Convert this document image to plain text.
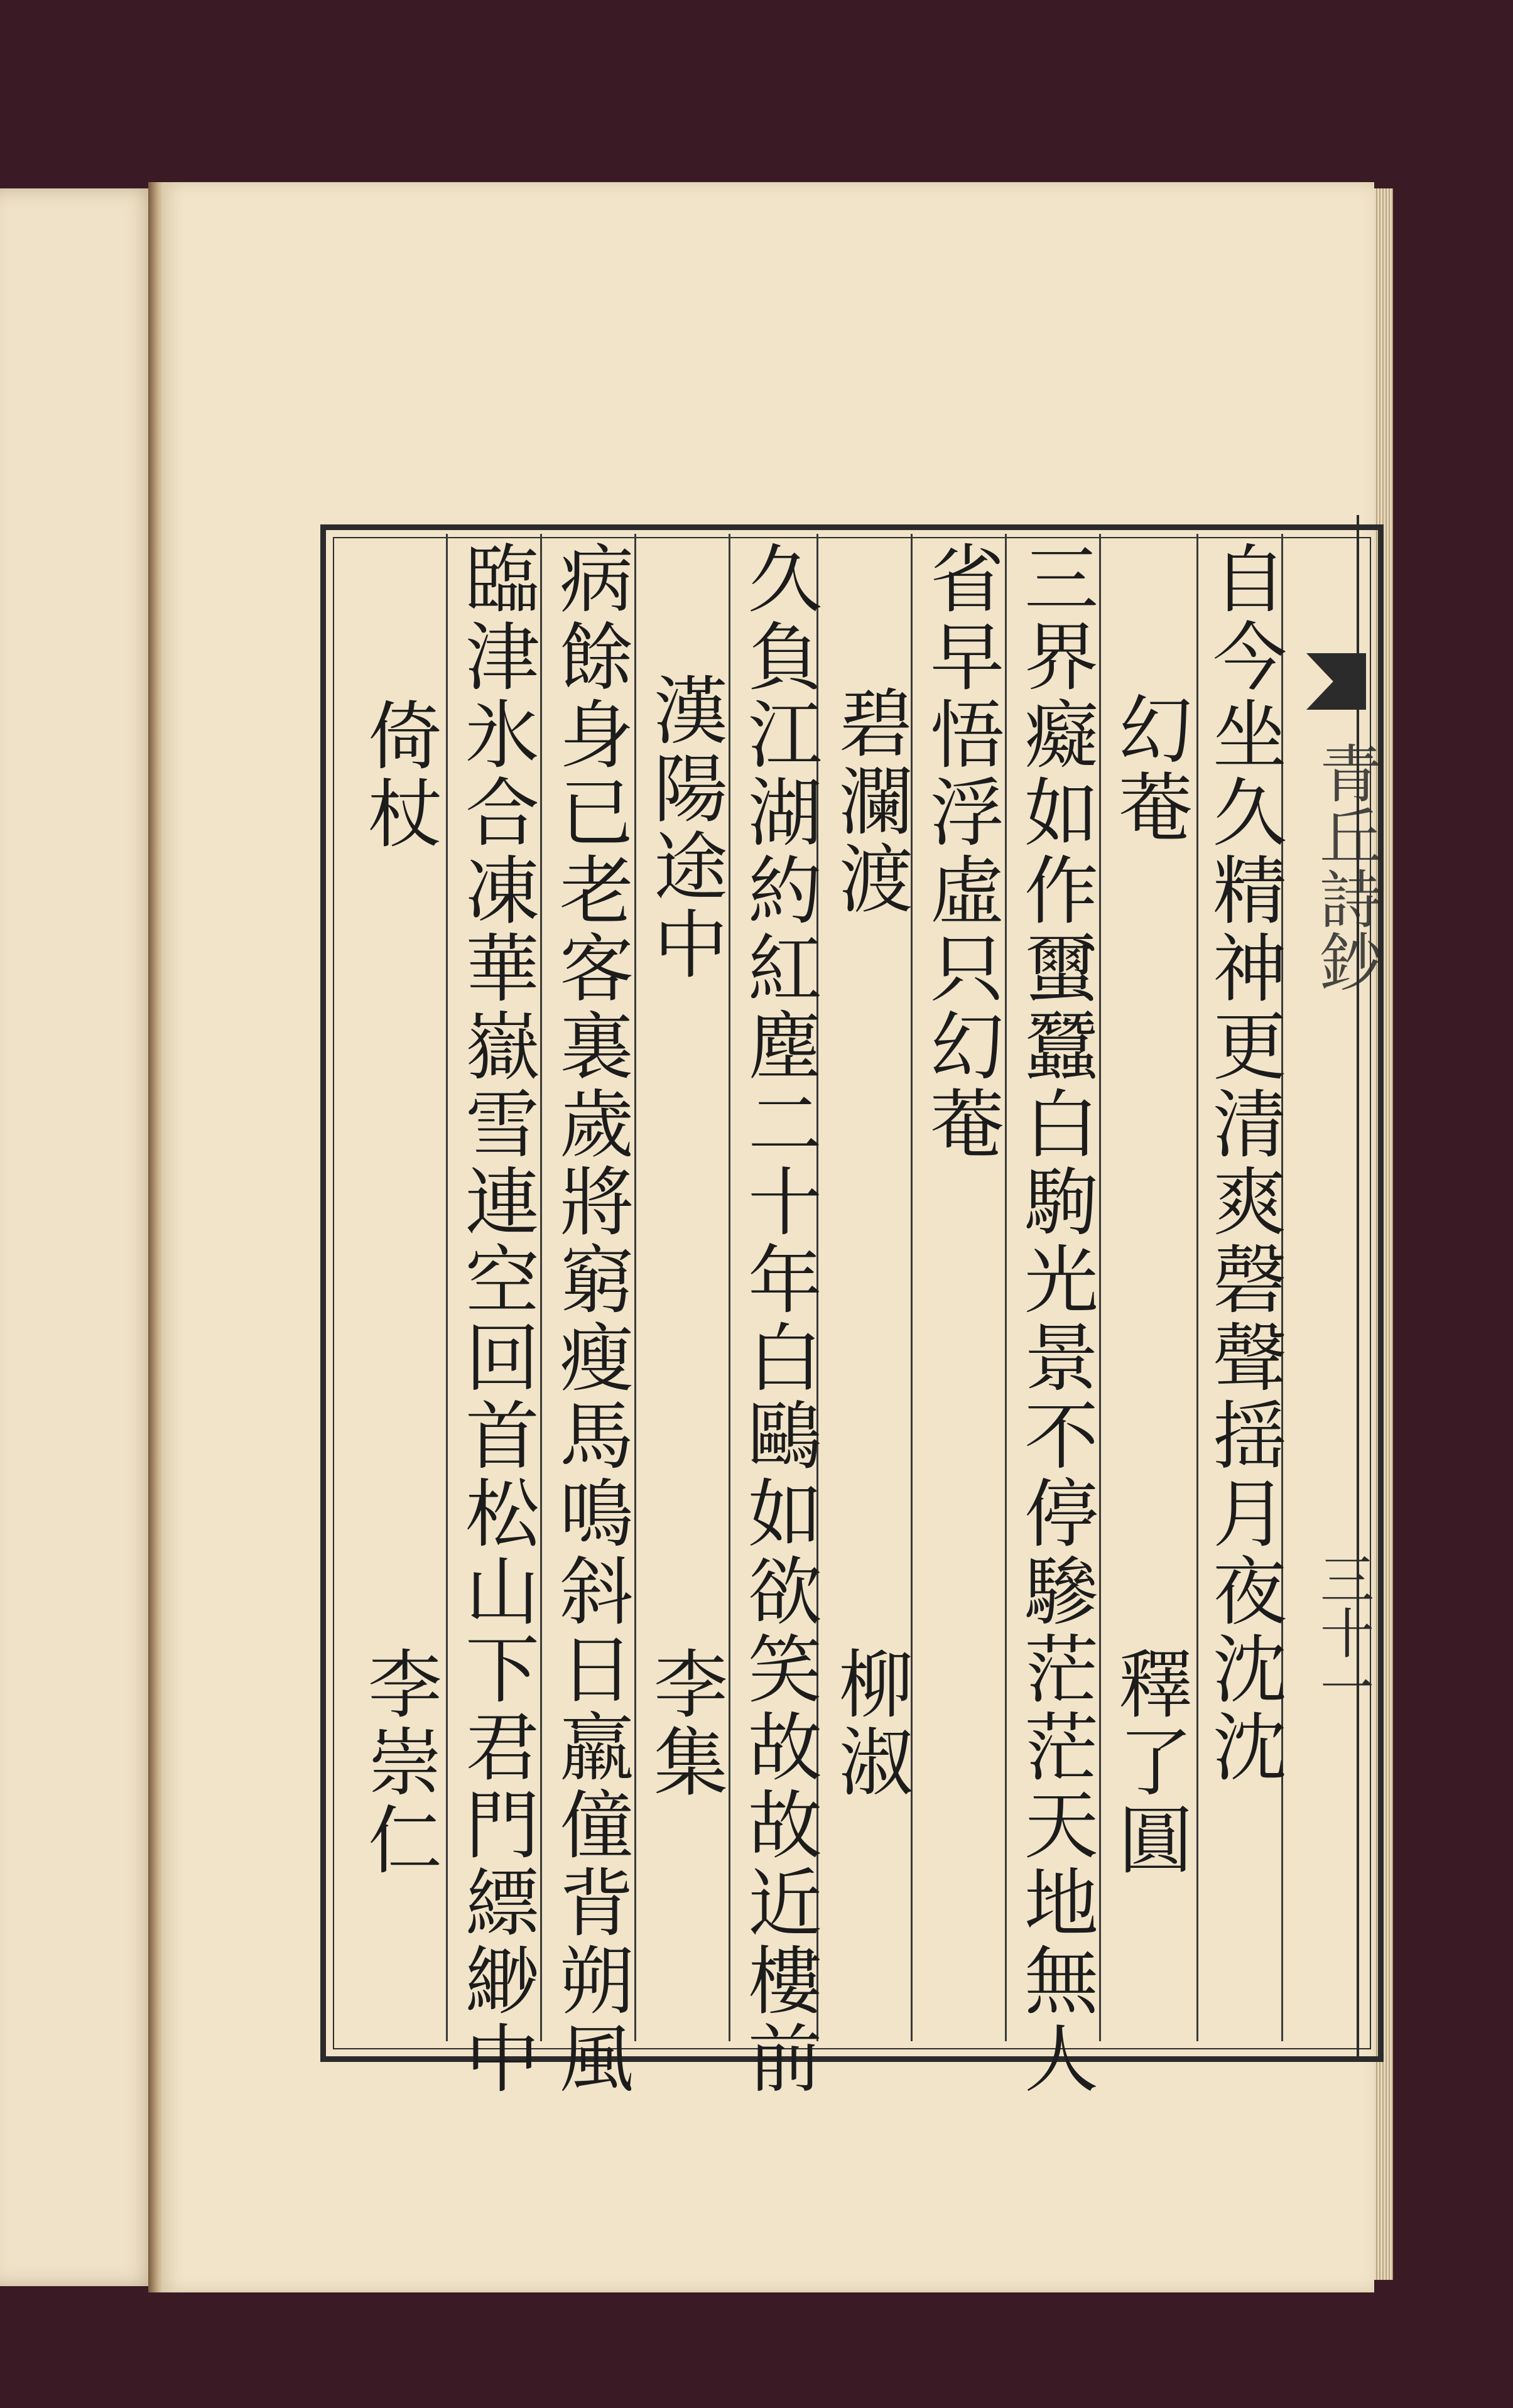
青丘詩鈔
三十一
自今坐久精神更清爽磬聲揺月夜沈沈
幻菴
釋了圓
三界癡如作蠒蠶白駒光景不停驂茫茫天地無人
省早悟浮虛只幻菴
碧瀾渡
柳淑
久負江湖約紅塵二十年白鷗如欲笑故故近樓前
漢陽途中
李集
病餘身已老客裏歲將窮瘦馬鳴斜日羸僮背朔風
臨津氷合凍華嶽雪連空回首松山下君門縹緲中
倚杖
李崇仁
